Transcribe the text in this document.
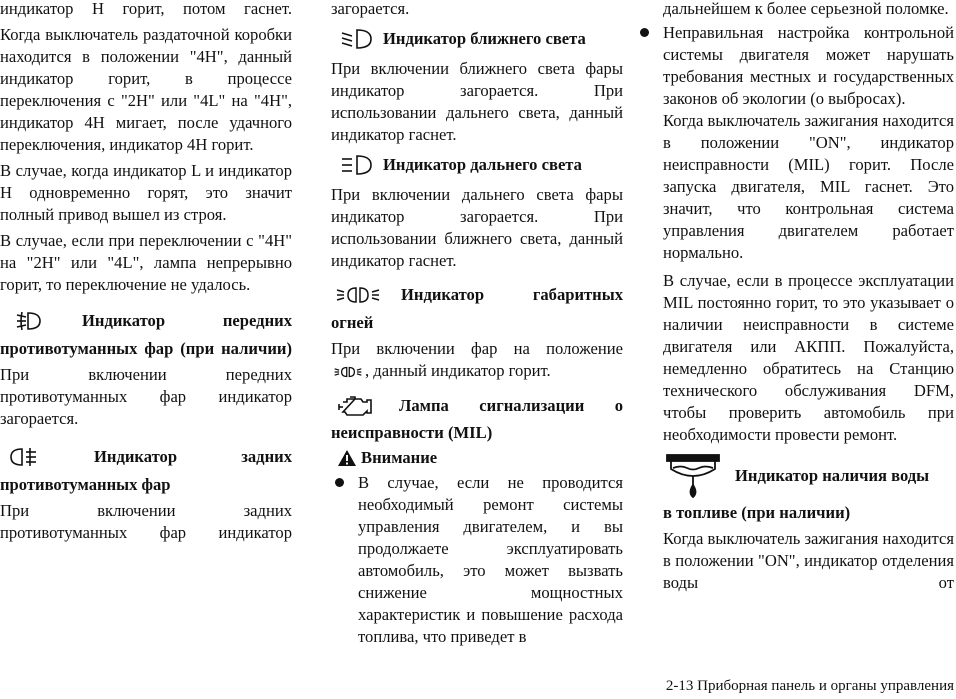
индикатор H горит, потом гаснет.

Когда выключатель раздаточной коробки находится в положении "4H", данный индикатор горит, в процессе переключения с "2H" или "4L" на "4H", индикатор 4H мигает, после удачного переключения, индикатор 4H горит.

В случае, когда индикатор L и индикатор H одновременно горят, это значит полный привод вышел из строя.

В случае, если при переключении с "4H" на "2H" или "4L", лампа непрерывно горит, то переключение не удалось.

Индикатор	передних
противотуманных фар (при наличии)

При включении передних противотуманных фар индикатор загорается.

Индикатор	задних
противотуманных фар

При включении задних противотуманных фар индикатор

загорается.

Индикатор ближнего света

При включении ближнего света фары индикатор загорается. При использовании дальнего света, данный индикатор гаснет.

Индикатор дальнего света

При включении дальнего света фары индикатор загорается. При использовании ближнего света, данный индикатор гаснет.

Индикатор	габаритных
огней

При включении фар на положение

, данный индикатор горит.

Лампа сигнализации о
неисправности (MIL)
Внимание

В случае, если не проводится необходимый ремонт системы управления двигателем, и вы продолжаете эксплуатировать автомобиль, это может вызвать снижение мощностных характеристик и повышение расхода топлива, что приведет в

дальнейшем к более серьезной поломке.

Неправильная настройка контрольной системы двигателя может нарушать требования местных и государственных законов об экологии (о выбросах).

Когда выключатель зажигания находится в положении "ON", индикатор неисправности (MIL) горит. После запуска двигателя, MIL гаснет. Это значит, что контрольная система управления двигателем работает нормально.

В случае, если в процессе эксплуатации MIL постоянно горит, то это указывает о наличии неисправности в системе двигателя или АКПП. Пожалуйста, немедленно обратитесь на Станцию технического обслуживания DFM, чтобы проверить автомобиль при необходимости провести ремонт.

Индикатор наличия воды
в топливе (при наличии)

Когда выключатель зажигания находится в положении "ON", индикатор отделения воды от

2-13 Приборная панель и органы управления
